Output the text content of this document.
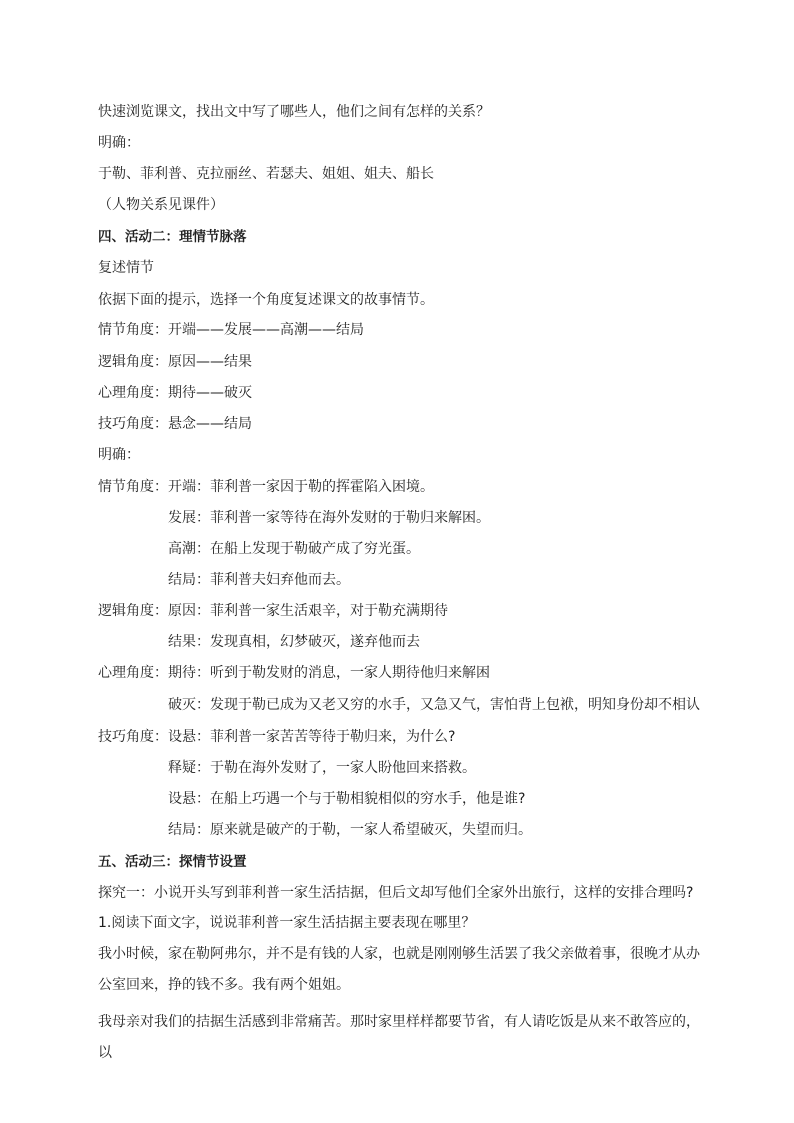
快速浏览课文，找出文中写了哪些人，他们之间有怎样的关系？
明确：
于勒、菲利普、克拉丽丝、若瑟夫、姐姐、姐夫、船长
（人物关系见课件）
四、活动二：理情节脉落
复述情节
依据下面的提示，选择一个角度复述课文的故事情节。
情节角度：开端——发展——高潮——结局
逻辑角度：原因——结果
心理角度：期待——破灭
技巧角度：悬念——结局
明确：
情节角度：开端：菲利普一家因于勒的挥霍陷入困境。
发展：菲利普一家等待在海外发财的于勒归来解困。
高潮：在船上发现于勒破产成了穷光蛋。
结局：菲利普夫妇弃他而去。
逻辑角度：原因：菲利普一家生活艰辛，对于勒充满期待
结果：发现真相，幻梦破灭，遂弃他而去
心理角度：期待：听到于勒发财的消息，一家人期待他归来解困
破灭：发现于勒已成为又老又穷的水手，又急又气，害怕背上包袱，明知身份却不相认
技巧角度：设悬：菲利普一家苦苦等待于勒归来，为什么?
释疑：于勒在海外发财了，一家人盼他回来搭救。
设悬：在船上巧遇一个与于勒相貌相似的穷水手，他是谁?
结局：原来就是破产的于勒，一家人希望破灭，失望而归。
五、活动三：探情节设置
探究一：小说开头写到菲利普一家生活拮据，但后文却写他们全家外出旅行，这样的安排合理吗?
1.阅读下面文字，说说菲利普一家生活拮据主要表现在哪里？
我小时候，家在勒阿弗尔，并不是有钱的人家，也就是刚刚够生活罢了我父亲做着事，很晚才从办公室回来，挣的钱不多。我有两个姐姐。
我母亲对我们的拮据生活感到非常痛苦。那时家里样样都要节省，有人请吃饭是从来不敢答应的，以
